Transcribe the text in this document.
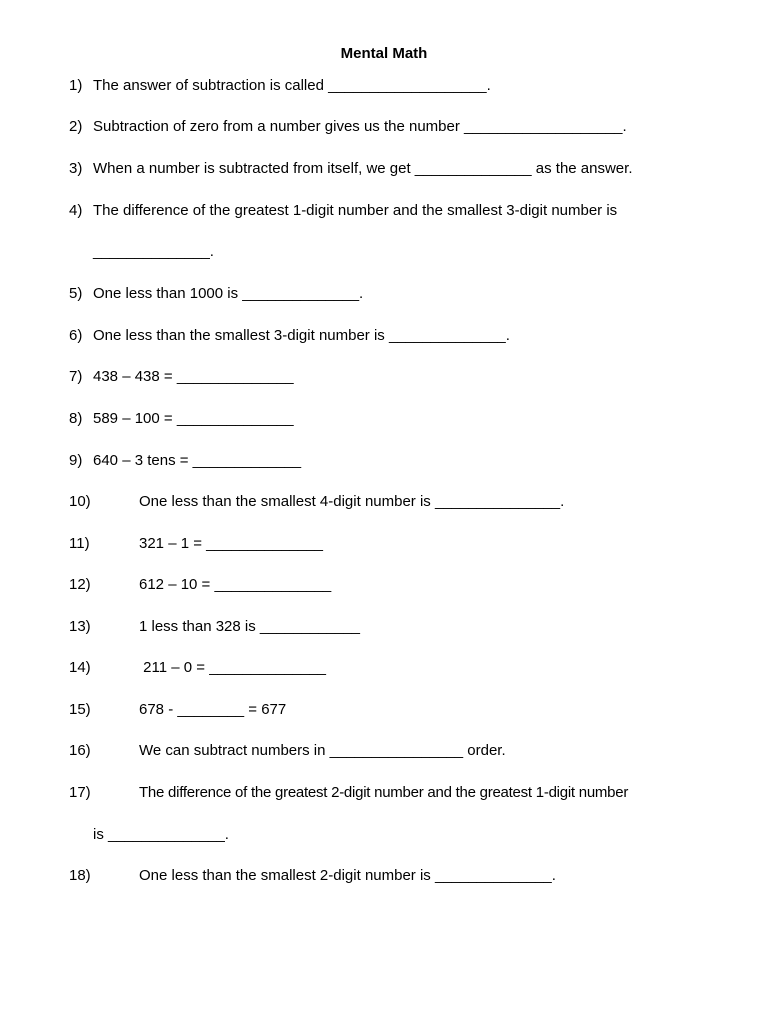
Mental Math
1) The answer of subtraction is called ___________________.
2) Subtraction of zero from a number gives us the number ___________________.
3) When a number is subtracted from itself, we get ______________ as the answer.
4) The difference of the greatest 1-digit number and the smallest 3-digit number is
______________.
5) One less than 1000 is ______________.
6) One less than the smallest 3-digit number is ______________.
7) 438 – 438 = ______________
8) 589 – 100 = ______________
9) 640 – 3 tens = _____________
10)	One less than the smallest 4-digit number is _______________.
11)	321 – 1 = ______________
12)	612 – 10 = ______________
13)	1 less than 328 is ____________
14)	211 – 0 = ______________
15)	678 - ________ = 677
16)	We can subtract numbers in ________________ order.
17)	The difference of the greatest 2-digit number and the greatest 1-digit number
is ______________.
18)	One less than the smallest 2-digit number is ______________.
